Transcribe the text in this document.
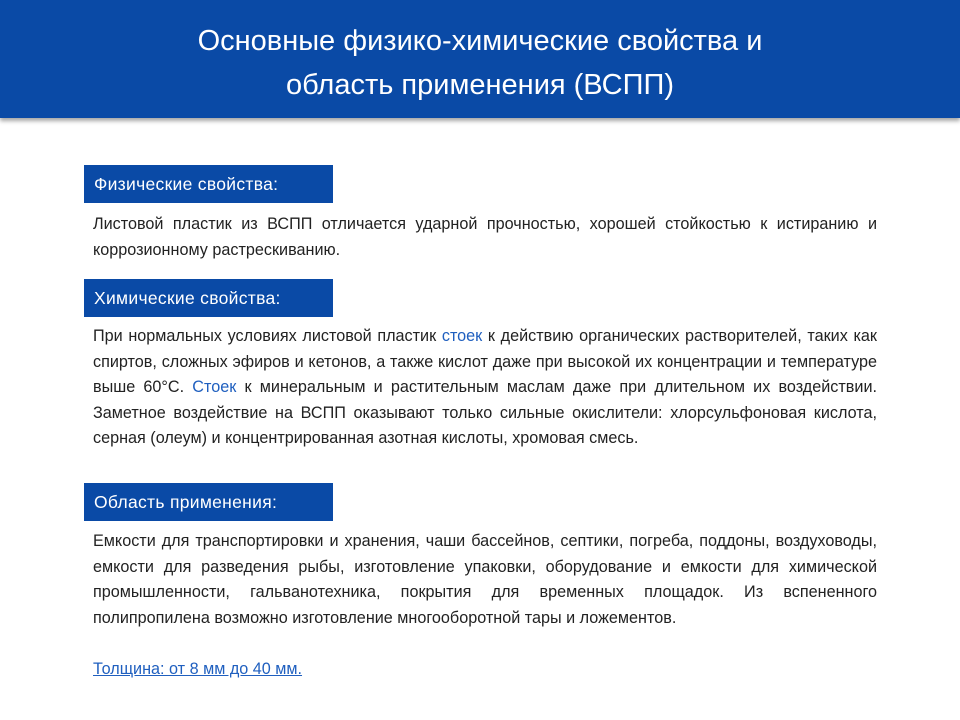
Основные физико-химические свойства и
область применения (ВСПП)
Физические свойства:
Листовой пластик из ВСПП отличается ударной прочностью, хорошей стойкостью к истиранию и коррозионному растрескиванию.
Химические свойства:
При нормальных условиях листовой пластик стоек к действию органических растворителей, таких как спиртов, сложных эфиров и кетонов, а также кислот даже при высокой их концентрации и температуре выше 60°С. Стоек к минеральным и растительным маслам даже при длительном их воздействии. Заметное воздействие на ВСПП оказывают только сильные окислители: хлорсульфоновая кислота, серная (олеум) и концентрированная азотная кислоты, хромовая смесь.
Область применения:
Емкости для транспортировки и хранения, чаши бассейнов, септики, погреба, поддоны, воздуховоды, емкости для разведения рыбы, изготовление упаковки, оборудование и емкости для химической промышленности, гальванотехника, покрытия для временных площадок. Из вспененного полипропилена возможно изготовление многооборотной тары и ложементов.
Толщина: от 8 мм до 40 мм.
